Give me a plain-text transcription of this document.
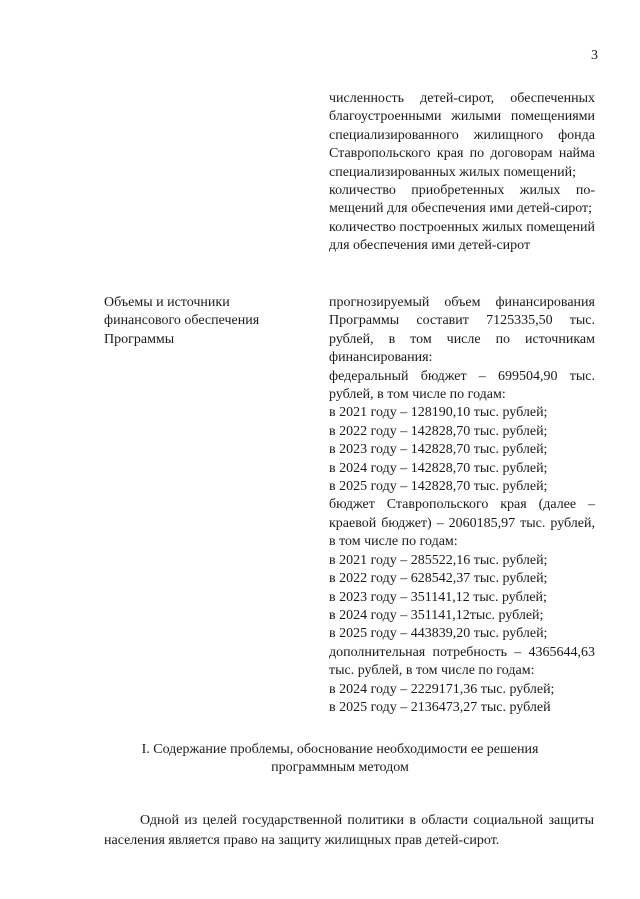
3

численность детей-сирот, обеспеченных благоустроенными жилыми помещениями специализированного жилищного фонда Ставропольского края по договорам найма специализированных жилых помещений;

количество приобретенных жилых помещений для обеспечения ими детей-сирот;

количество построенных жилых помещений для обеспечения ими детей-сирот

Объемы и источники
финансового обеспечения
Программы

прогнозируемый объем финансирования Программы составит 7125335,50 тыс. рублей, в том числе по источникам финансирования:

федеральный бюджет – 699504,90 тыс. рублей, в том числе по годам:

в 2021 году – 128190,10 тыс. рублей;

в 2022 году – 142828,70 тыс. рублей;

в 2023 году – 142828,70 тыс. рублей;

в 2024 году – 142828,70 тыс. рублей;

в 2025 году – 142828,70 тыс. рублей;

бюджет Ставропольского края (далее – краевой бюджет) – 2060185,97 тыс. рублей, в том числе по годам:

в 2021 году – 285522,16 тыс. рублей;

в 2022 году – 628542,37 тыс. рублей;

в 2023 году – 351141,12 тыс. рублей;

в 2024 году – 351141,12тыс. рублей;

в 2025 году – 443839,20 тыс. рублей;

дополнительная потребность – 4365644,63 тыс. рублей, в том числе по годам:

в 2024 году – 2229171,36 тыс. рублей;

в 2025 году – 2136473,27 тыс. рублей

I. Содержание проблемы, обоснование необходимости ее решения
программным методом

Одной из целей государственной политики в области социальной защиты населения является право на защиту жилищных прав детей-сирот.
